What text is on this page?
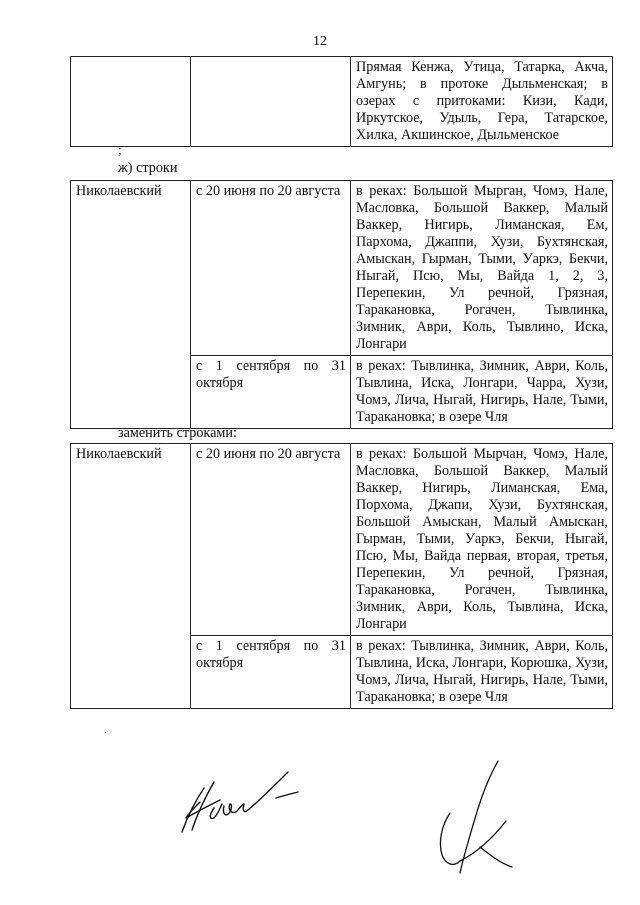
12
		Прямая Кенжа, Утица, Татарка, Акча, Амгунь; в протоке Дыльменская; в озерах с притоками: Кизи, Кади, Иркутское, Удыль, Гера, Татарское, Хилка, Акшинское, Дыльменское
;
ж) строки
Николаевский	с 20 июня по 20 августа	в реках: Большой Мырган, Чомэ, Нале, Масловка, Большой Ваккер, Малый Ваккер, Нигирь, Лиманская, Ем, Пархома, Джаппи, Хузи, Бухтянская, Амыскан, Гырман, Тыми, Уаркэ, Бекчи, Ныгай, Псю, Мы, Вайда 1, 2, 3, Перепекин, Ул речной, Грязная, Таракановка, Рогачен, Тывлинка, Зимник, Аври, Коль, Тывлино, Иска, Лонгари
	с 1 сентября по 31 октября	в реках: Тывлинка, Зимник, Аври, Коль, Тывлина, Иска, Лонгари, Чарра, Хузи, Чомэ, Лича, Ныгай, Нигирь, Нале, Тыми, Таракановка; в озере Чля
заменить строками:
Николаевский	с 20 июня по 20 августа	в реках: Большой Мырчан, Чомэ, Нале, Масловка, Большой Ваккер, Малый Ваккер, Нигирь, Лиманская, Ема, Порхома, Джапи, Хузи, Бухтянская, Большой Амыскан, Малый Амыскан, Гырман, Тыми, Уаркэ, Бекчи, Ныгай, Псю, Мы, Вайда первая, вторая, третья, Перепекин, Ул речной, Грязная, Таракановка, Рогачен, Тывлинка, Зимник, Аври, Коль, Тывлина, Иска, Лонгари
	с 1 сентября по 31 октября	в реках: Тывлинка, Зимник, Аври, Коль, Тывлина, Иска, Лонгари, Корюшка, Хузи, Чомэ, Лича, Ныгай, Нигирь, Нале, Тыми, Таракановка; в озере Чля
.
